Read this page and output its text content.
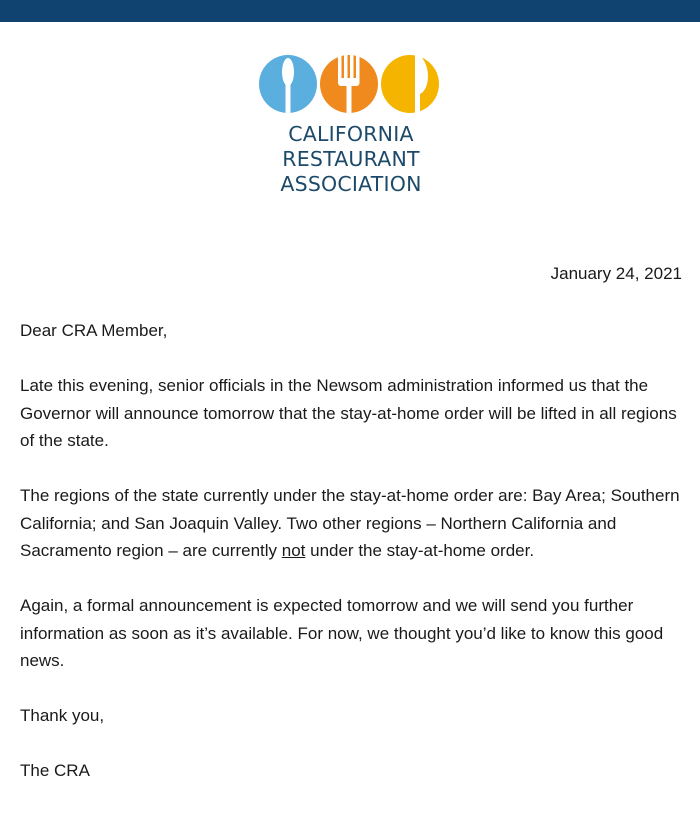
CALIFORNIA
RESTAURANT
ASSOCIATION
January 24, 2021

Dear CRA Member,

Late this evening, senior officials in the Newsom administration informed us that the Governor will announce tomorrow that the stay-at-home order will be lifted in all regions of the state.

The regions of the state currently under the stay-at-home order are: Bay Area; Southern California; and San Joaquin Valley. Two other regions – Northern California and Sacramento region – are currently not under the stay-at-home order.

Again, a formal announcement is expected tomorrow and we will send you further information as soon as it’s available. For now, we thought you’d like to know this good news.

Thank you,

The CRA
